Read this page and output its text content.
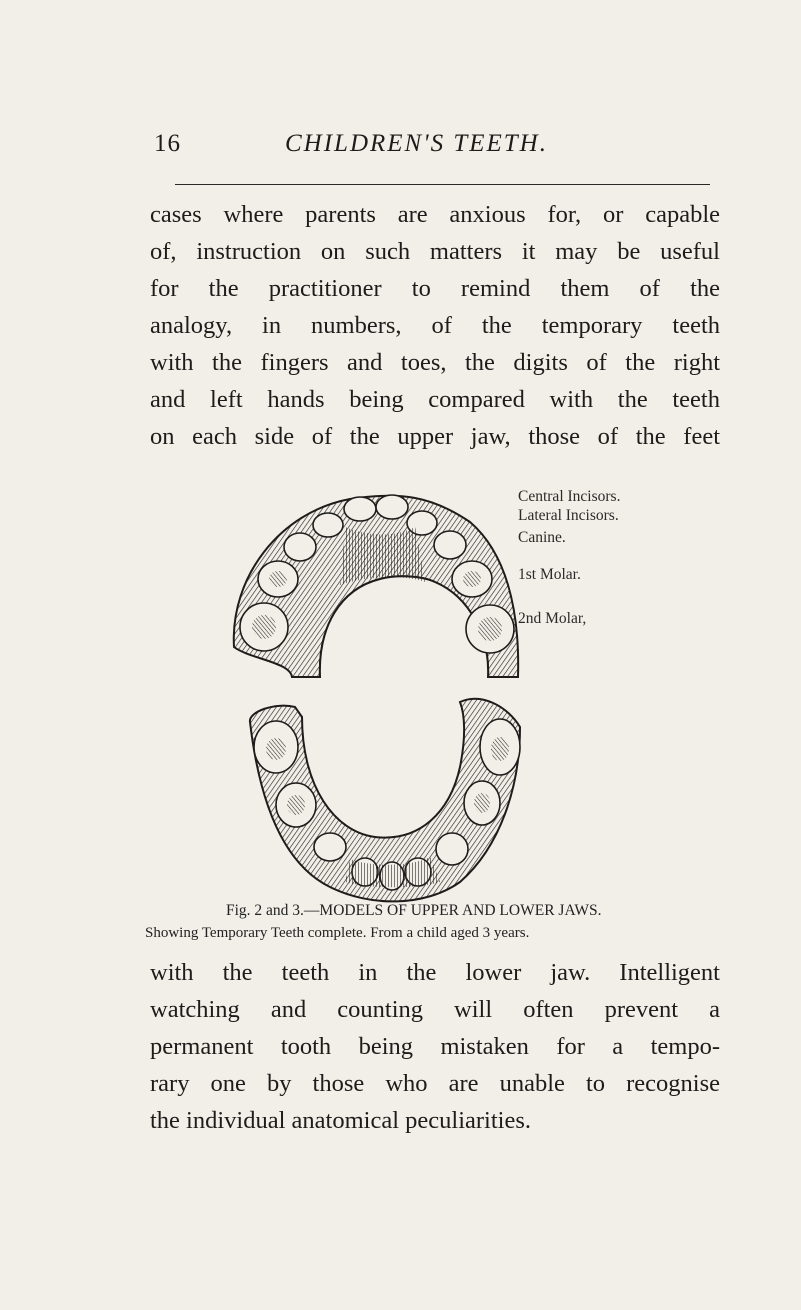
16	CHILDREN'S TEETH.
cases where parents are anxious for, or capable
of, instruction on such matters it may be useful
for the practitioner to remind them of the
analogy, in numbers, of the temporary teeth
with the fingers and toes, the digits of the right
and left hands being compared with the teeth
on each side of the upper jaw, those of the feet
Central Incisors.
Lateral Incisors.
Canine.
1st Molar.
2nd Molar,
Fig. 2 and 3.—MODELS OF UPPER AND LOWER JAWS.
Showing Temporary Teeth complete. From a child aged 3 years.
with the teeth in the lower jaw. Intelligent
watching and counting will often prevent a
permanent tooth being mistaken for a tempo-
rary one by those who are unable to recognise
the individual anatomical peculiarities.
